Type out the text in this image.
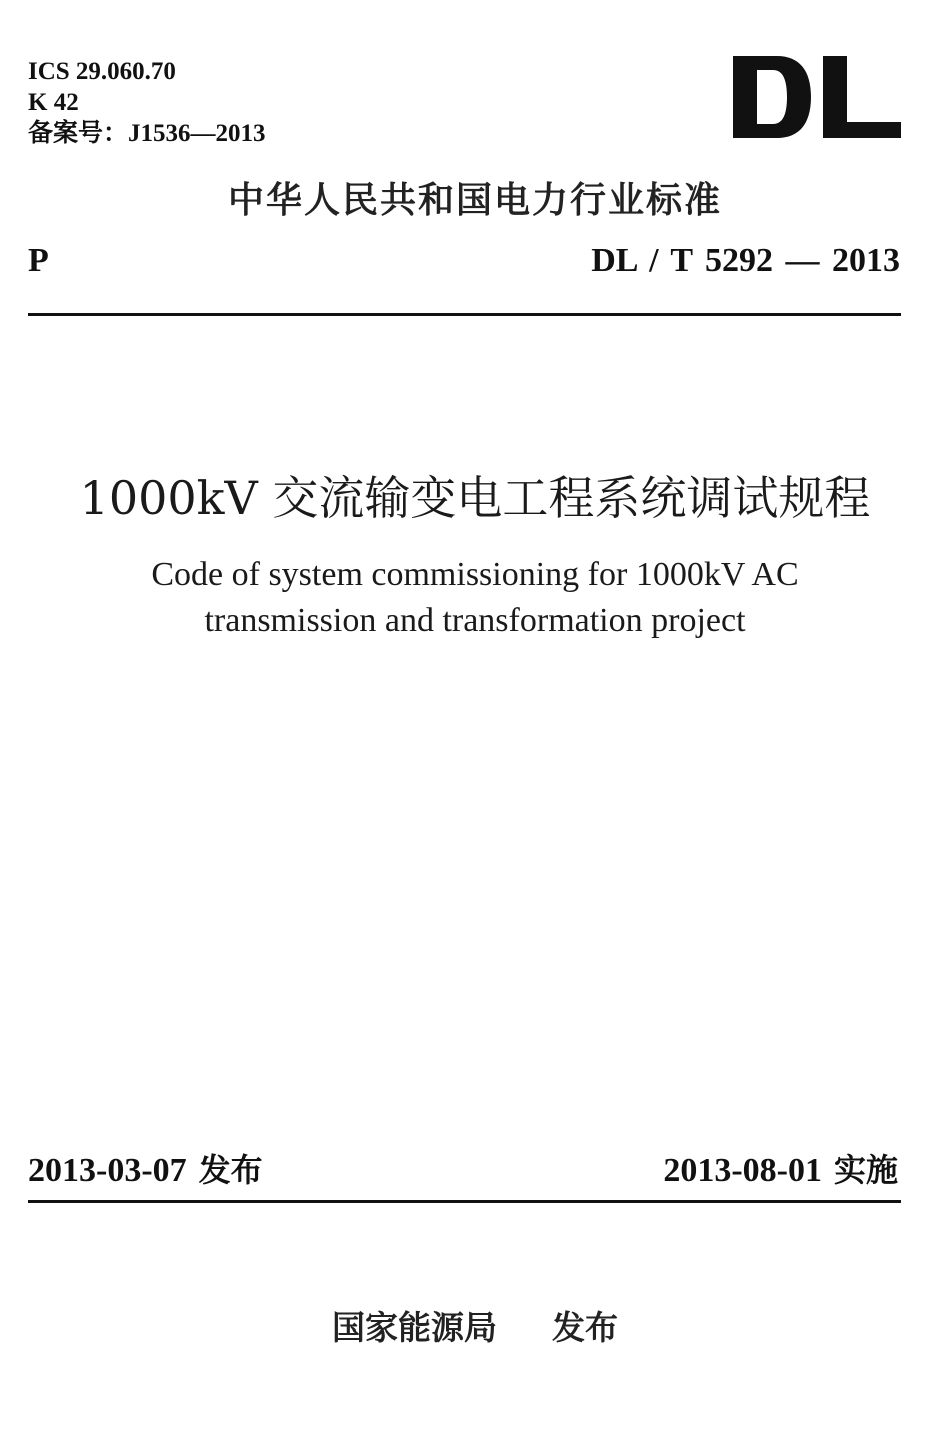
ICS 29.060.70
K 42
备案号：J1536—2013
中华人民共和国电力行业标准
P	DL / T 5292 — 2013
1000kV 交流输变电工程系统调试规程
Code of system commissioning for 1000kV AC
transmission and transformation project
2013-03-07 发布	2013-08-01 实施
国家能源局 发布
